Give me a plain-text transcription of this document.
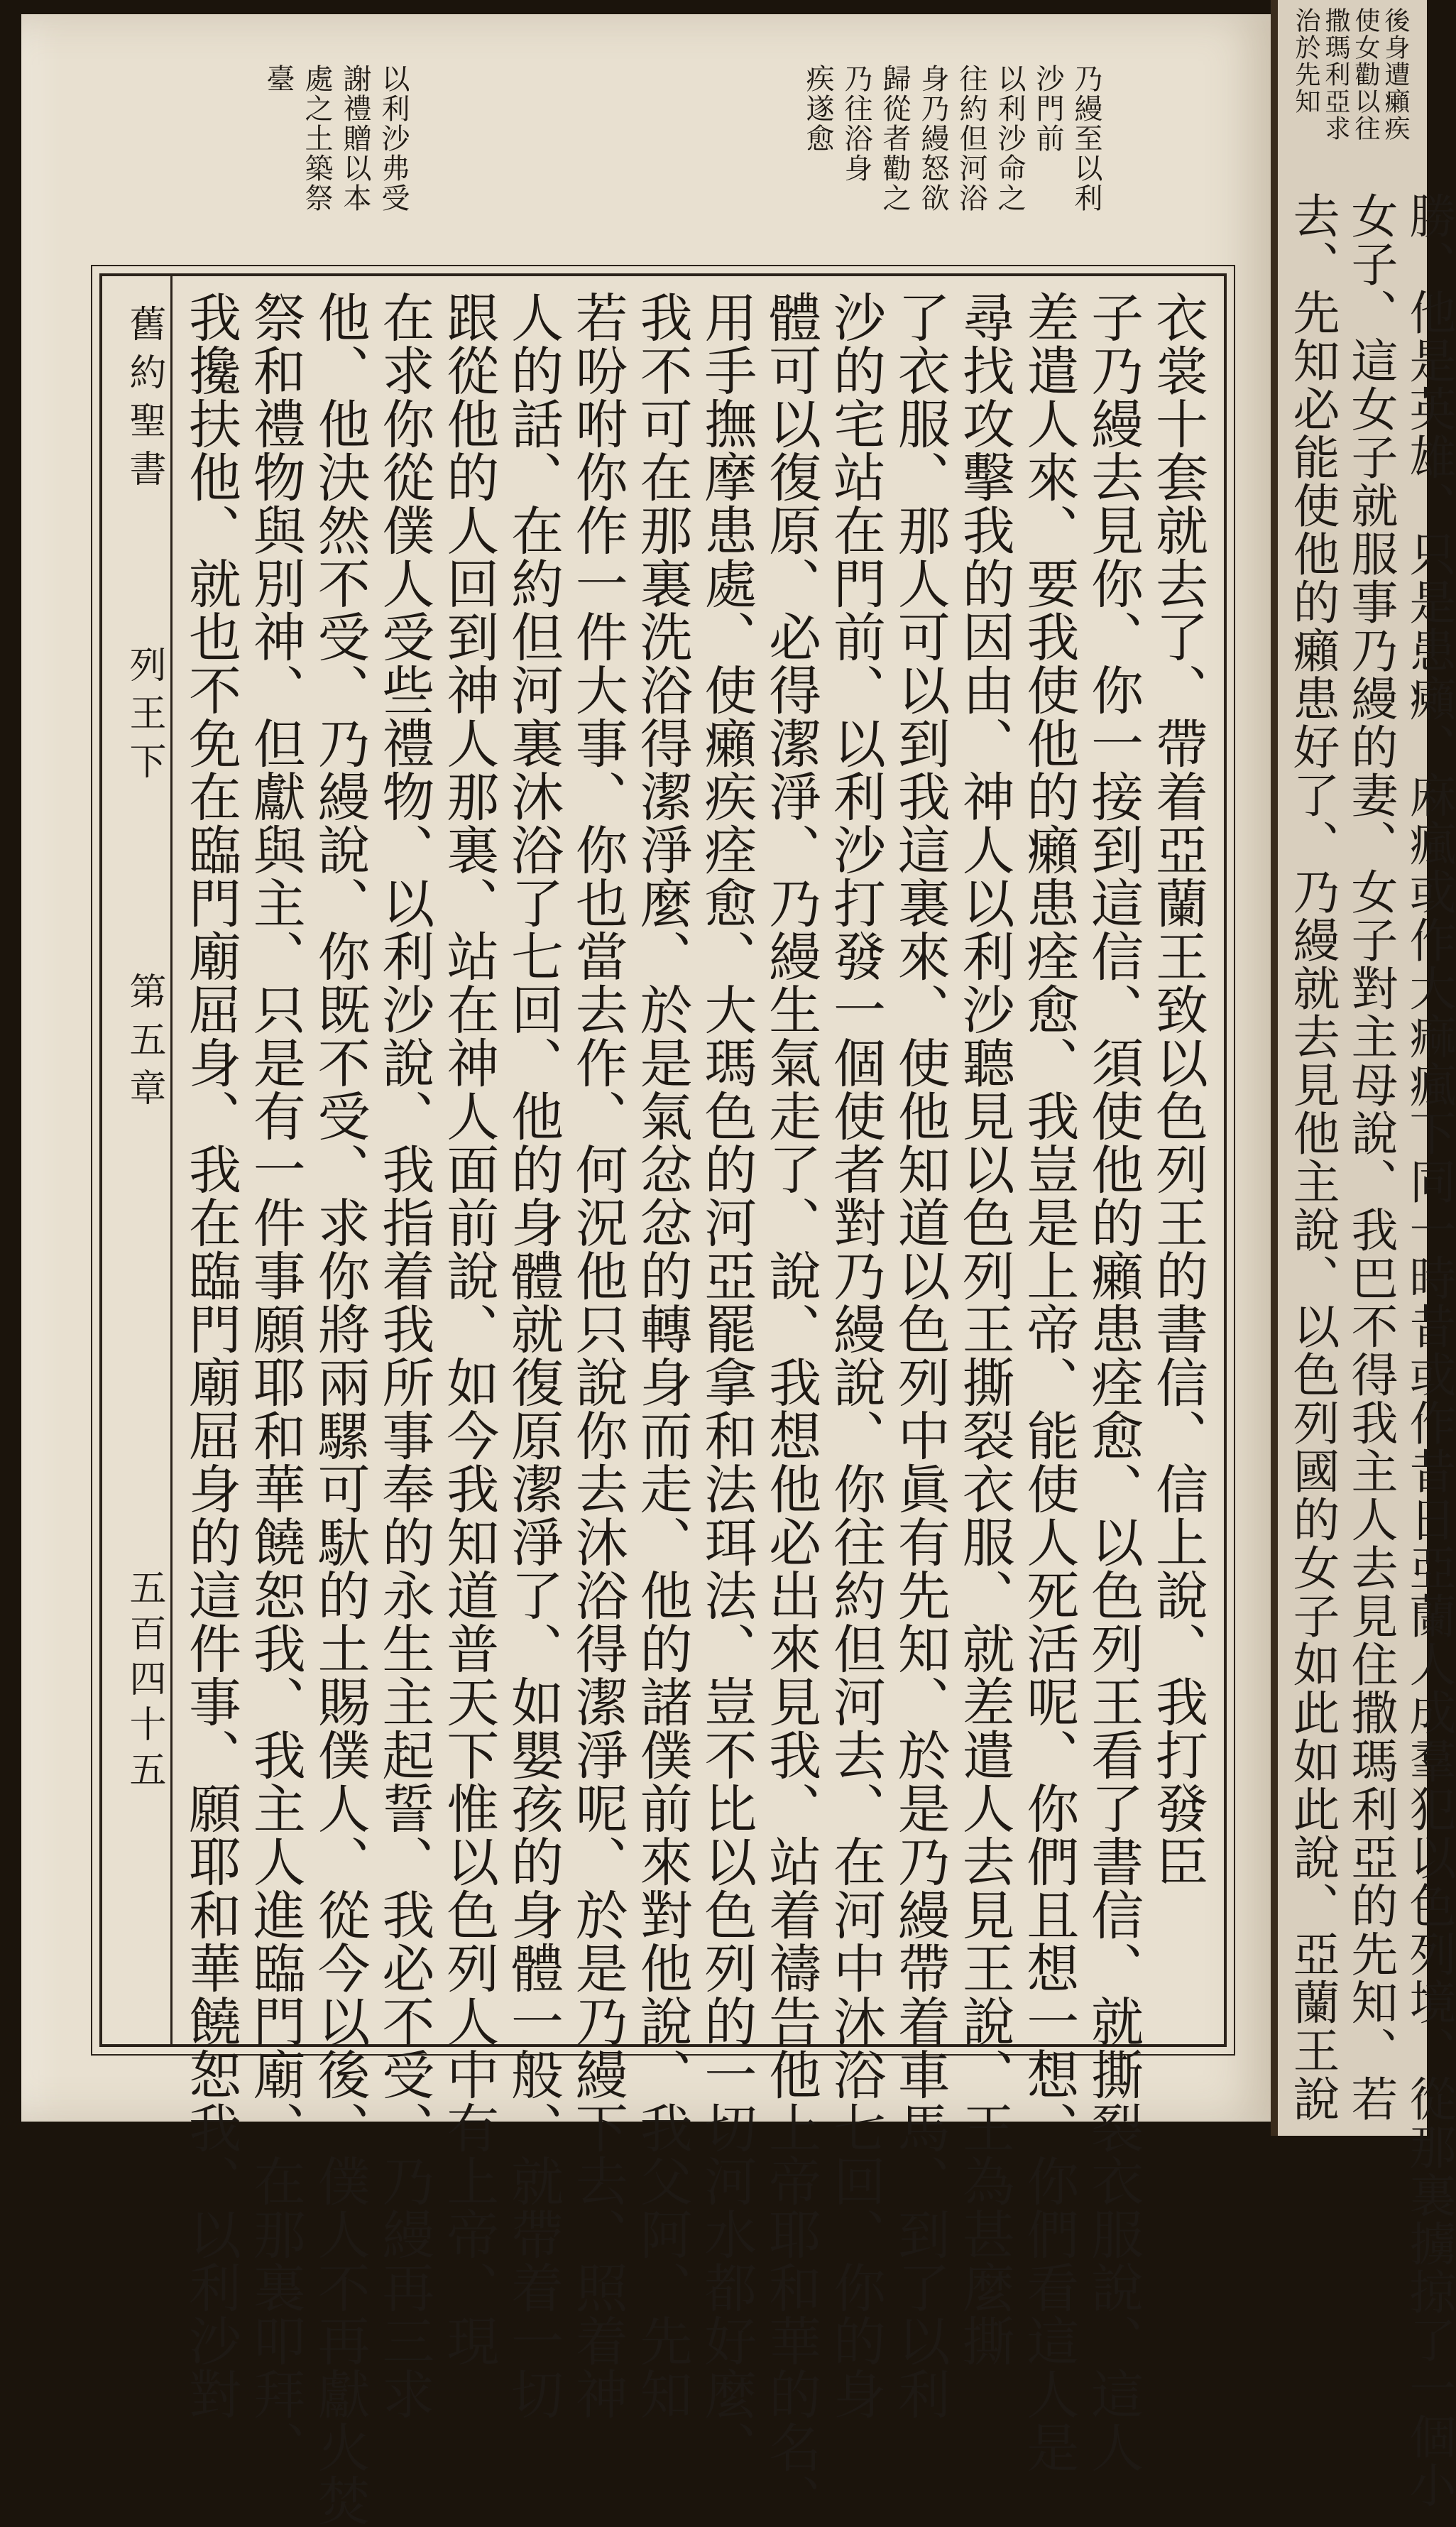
乃縵至以利
沙門前
以利沙命之
往約但河浴
身乃縵怒欲
歸從者勸之
乃往浴身
疾遂愈
以利沙弗受
謝禮贈以本
處之土築祭
臺
舊約聖書
列王下
第五章
五百四十五	衣裳十套就去了、帶着亞蘭王致以色列王的書信、信上說、我打發臣
子乃縵去見你、你一接到這信、須使他的癩患痊愈、以色列王看了書信、就撕裂衣服說、這人
差遣人來、要我使他的癩患痊愈、我豈是上帝、能使人死活呢、你們且想一想、你們看這人是
尋找攻擊我的因由、神人以利沙聽見以色列王撕裂衣服、就差遣人去見王說、王為甚麼撕
了衣服、那人可以到我這裏來、使他知道以色列中眞有先知、於是乃縵帶着車馬、到了以利
沙的宅站在門前、以利沙打發一個使者對乃縵說、你往約但河去、在河中沐浴七回、你的身
體可以復原、必得潔淨、乃縵生氣走了、說、我想他必出來見我、站着禱告他上帝耶和華的名、
用手撫摩患處、使癩疾痊愈、大瑪色的河亞罷拿和法珥法、豈不比以色列的一切河水都好麼、
我不可在那裏洗浴得潔淨麼、於是氣忿忿的轉身而走、他的諸僕前來對他說、我父阿、先知
若吩咐你作一件大事、你也當去作、何況他只說你去沐浴得潔淨呢、於是乃縵下去、照着神
人的話、在約但河裏沐浴了七回、他的身體就復原潔淨了、如嬰孩的身體一般、就帶着一切
跟從他的人回到神人那裏、站在神人面前說、如今我知道普天下惟以色列人中有上帝、現
在求你從僕人受些禮物、以利沙說、我指着我所事奉的永生主起誓、我必不受、乃縵再三求
他、他決然不受、乃縵說、你既不受、求你將兩騾可馱的土賜僕人、從今以後、僕人不再獻火焚
祭和禮物與別神、但獻與主、只是有一件事願耶和華饒恕我、我主人進臨門廟、在那裏叩拜、
我攙扶他、就也不免在臨門廟屈身、我在臨門廟屈身的這件事、願耶和華饒恕我、以利沙對
後身遭癩疾
使女勸以往
撒瑪利亞求
治於先知
勝、他是英雄、只是患癩、麻瘋或作大痲瘋下同一時昔或作昔日亞蘭人成羣犯以色列境、從那裏擄掠了一個小
女子、這女子就服事乃縵的妻、女子對主母說、我巴不得我主人去見住撒瑪利亞的先知、若
去、先知必能使他的癩患好了、乃縵就去見他主說、以色列國的女子如此如此說、亞蘭王說
